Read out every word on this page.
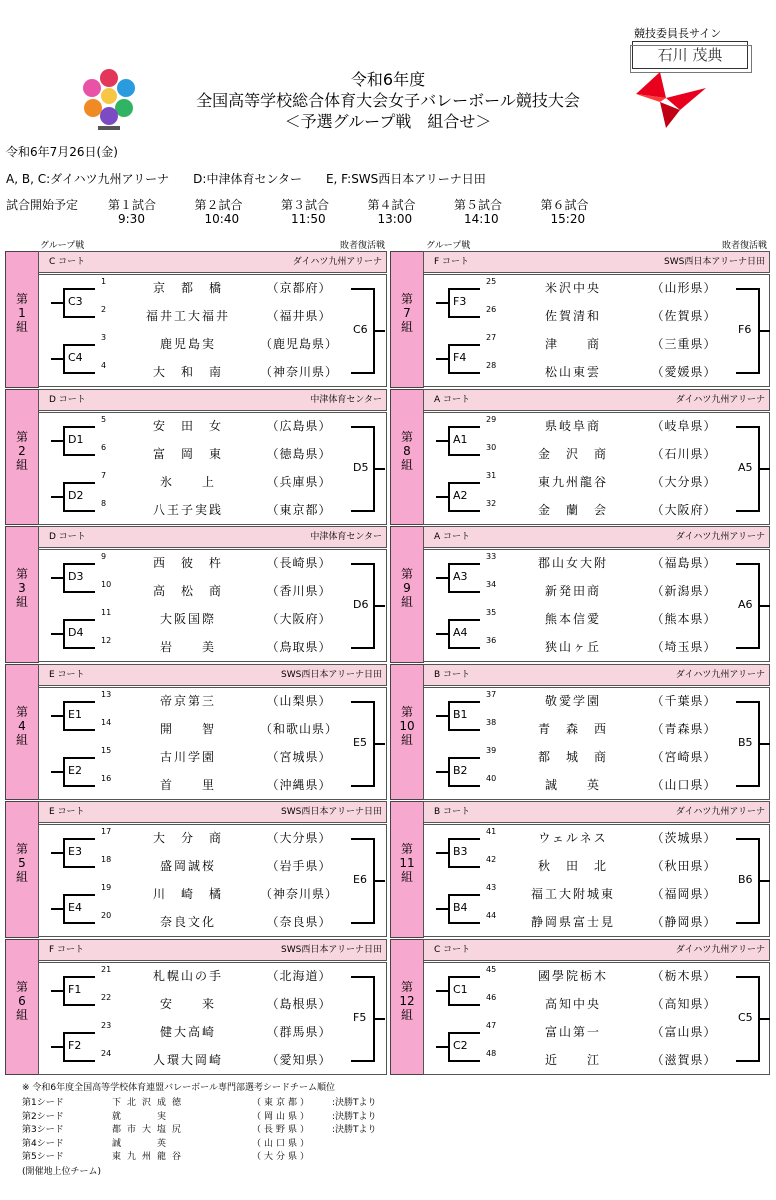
競技委員長サイン
石川 茂典
令和6年度
全国高等学校総合体育大会女子バレーボール競技大会
＜予選グループ戦　組合せ＞
令和6年7月26日(金)
A, B, C:ダイハツ九州アリーナ　　D:中津体育センター　　E, F:SWS西日本アリーナ日田
試合開始予定 第１試合
9:30
第２試合
10:40
第３試合
11:50
第４試合
13:00
第５試合
14:10
第６試合
15:20
グループ戦	敗者復活戦	グループ戦	敗者復活戦
第
1
組
C コート	ダイハツ九州アリーナ
1	京　都　橋	（京都府）
2	福井工大福井	（福井県）
3	鹿児島実	（鹿児島県）
4	大　和　南	（神奈川県）
C3
C4
C6
第
2
組
D コート	中津体育センター
5	安　田　女	（広島県）
6	富　岡　東	（徳島県）
7	氷　　上	（兵庫県）
8	八王子実践	（東京都）
D1
D2
D5
第
3
組
D コート	中津体育センター
9	西　彼　杵	（長崎県）
10	高　松　商	（香川県）
11	大阪国際	（大阪府）
12	岩　　美	（鳥取県）
D3
D4
D6
第
4
組
E コート	SWS西日本アリーナ日田
13	帝京第三	（山梨県）
14	開　　智	（和歌山県）
15	古川学園	（宮城県）
16	首　　里	（沖縄県）
E1
E2
E5
第
5
組
E コート	SWS西日本アリーナ日田
17	大　分　商	（大分県）
18	盛岡誠桜	（岩手県）
19	川　崎　橘	（神奈川県）
20	奈良文化	（奈良県）
E3
E4
E6
第
6
組
F コート	SWS西日本アリーナ日田
21	札幌山の手	（北海道）
22	安　　来	（島根県）
23	健大高崎	（群馬県）
24	人環大岡崎	（愛知県）
F1
F2
F5
第
7
組
F コート	SWS西日本アリーナ日田
25	米沢中央	（山形県）
26	佐賀清和	（佐賀県）
27	津　　商	（三重県）
28	松山東雲	（愛媛県）
F3
F4
F6
第
8
組
A コート	ダイハツ九州アリーナ
29	県岐阜商	（岐阜県）
30	金　沢　商	（石川県）
31	東九州龍谷	（大分県）
32	金　蘭　会	（大阪府）
A1
A2
A5
第
9
組
A コート	ダイハツ九州アリーナ
33	郡山女大附	（福島県）
34	新発田商	（新潟県）
35	熊本信愛	（熊本県）
36	狭山ヶ丘	（埼玉県）
A3
A4
A6
第
10
組
B コート	ダイハツ九州アリーナ
37	敬愛学園	（千葉県）
38	青　森　西	（青森県）
39	都　城　商	（宮崎県）
40	誠　　英	（山口県）
B1
B2
B5
第
11
組
B コート	ダイハツ九州アリーナ
41	ウェルネス	（茨城県）
42	秋　田　北	（秋田県）
43	福工大附城東	（福岡県）
44	静岡県富士見	（静岡県）
B3
B4
B6
第
12
組
C コート	ダイハツ九州アリーナ
45	國學院栃木	（栃木県）
46	高知中央	（高知県）
47	富山第一	（富山県）
48	近　　江	（滋賀県）
C1
C2
C5
※ 令和6年度全国高等学校体育連盟バレーボール専門部選考シードチーム順位
第1シード	下北沢成徳	（東京都） :決勝Tより
第2シード	就　　実	（岡山県） :決勝Tより
第3シード	都市大塩尻	（長野県） :決勝Tより
第4シード	誠　　英	（山口県）
第5シード	東九州龍谷	（大分県）
(開催地上位チーム)
